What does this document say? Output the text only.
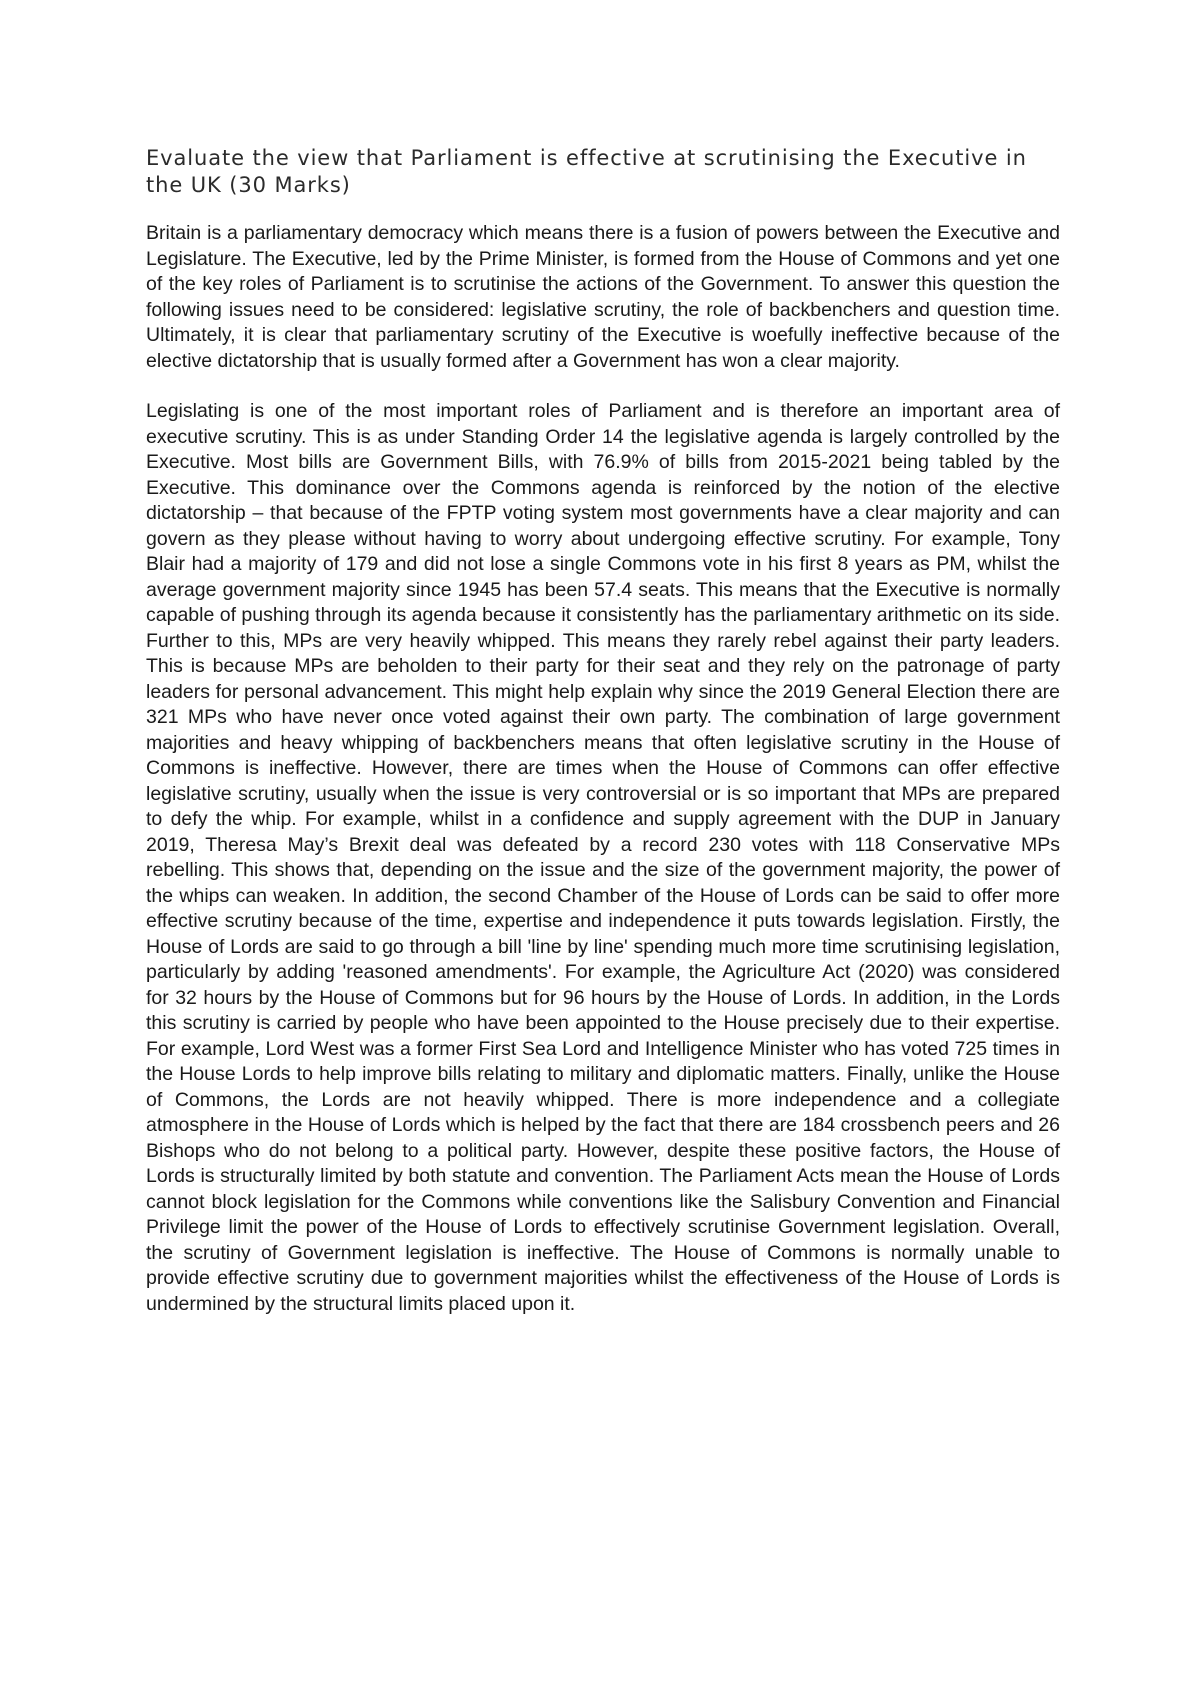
Evaluate the view that Parliament is effective at scrutinising the Executive in the UK (30 Marks)

Britain is a parliamentary democracy which means there is a fusion of powers between the Executive and Legislature. The Executive, led by the Prime Minister, is formed from the House of Commons and yet one of the key roles of Parliament is to scrutinise the actions of the Government. To answer this question the following issues need to be considered: legislative scrutiny, the role of backbenchers and question time. Ultimately, it is clear that parliamentary scrutiny of the Executive is woefully ineffective because of the elective dictatorship that is usually formed after a Government has won a clear majority.

Legislating is one of the most important roles of Parliament and is therefore an important area of executive scrutiny. This is as under Standing Order 14 the legislative agenda is largely controlled by the Executive. Most bills are Government Bills, with 76.9% of bills from 2015-2021 being tabled by the Executive. This dominance over the Commons agenda is reinforced by the notion of the elective dictatorship – that because of the FPTP voting system most governments have a clear majority and can govern as they please without having to worry about undergoing effective scrutiny. For example, Tony Blair had a majority of 179 and did not lose a single Commons vote in his first 8 years as PM, whilst the average government majority since 1945 has been 57.4 seats. This means that the Executive is normally capable of pushing through its agenda because it consistently has the parliamentary arithmetic on its side. Further to this, MPs are very heavily whipped. This means they rarely rebel against their party leaders. This is because MPs are beholden to their party for their seat and they rely on the patronage of party leaders for personal advancement. This might help explain why since the 2019 General Election there are 321 MPs who have never once voted against their own party. The combination of large government majorities and heavy whipping of backbenchers means that often legislative scrutiny in the House of Commons is ineffective. However, there are times when the House of Commons can offer effective legislative scrutiny, usually when the issue is very controversial or is so important that MPs are prepared to defy the whip. For example, whilst in a confidence and supply agreement with the DUP in January 2019, Theresa May’s Brexit deal was defeated by a record 230 votes with 118 Conservative MPs rebelling. This shows that, depending on the issue and the size of the government majority, the power of the whips can weaken. In addition, the second Chamber of the House of Lords can be said to offer more effective scrutiny because of the time, expertise and independence it puts towards legislation. Firstly, the House of Lords are said to go through a bill 'line by line' spending much more time scrutinising legislation, particularly by adding 'reasoned amendments'. For example, the Agriculture Act (2020) was considered for 32 hours by the House of Commons but for 96 hours by the House of Lords. In addition, in the Lords this scrutiny is carried by people who have been appointed to the House precisely due to their expertise. For example, Lord West was a former First Sea Lord and Intelligence Minister who has voted 725 times in the House Lords to help improve bills relating to military and diplomatic matters. Finally, unlike the House of Commons, the Lords are not heavily whipped. There is more independence and a collegiate atmosphere in the House of Lords which is helped by the fact that there are 184 crossbench peers and 26 Bishops who do not belong to a political party. However, despite these positive factors, the House of Lords is structurally limited by both statute and convention. The Parliament Acts mean the House of Lords cannot block legislation for the Commons while conventions like the Salisbury Convention and Financial Privilege limit the power of the House of Lords to effectively scrutinise Government legislation. Overall, the scrutiny of Government legislation is ineffective. The House of Commons is normally unable to provide effective scrutiny due to government majorities whilst the effectiveness of the House of Lords is undermined by the structural limits placed upon it.
